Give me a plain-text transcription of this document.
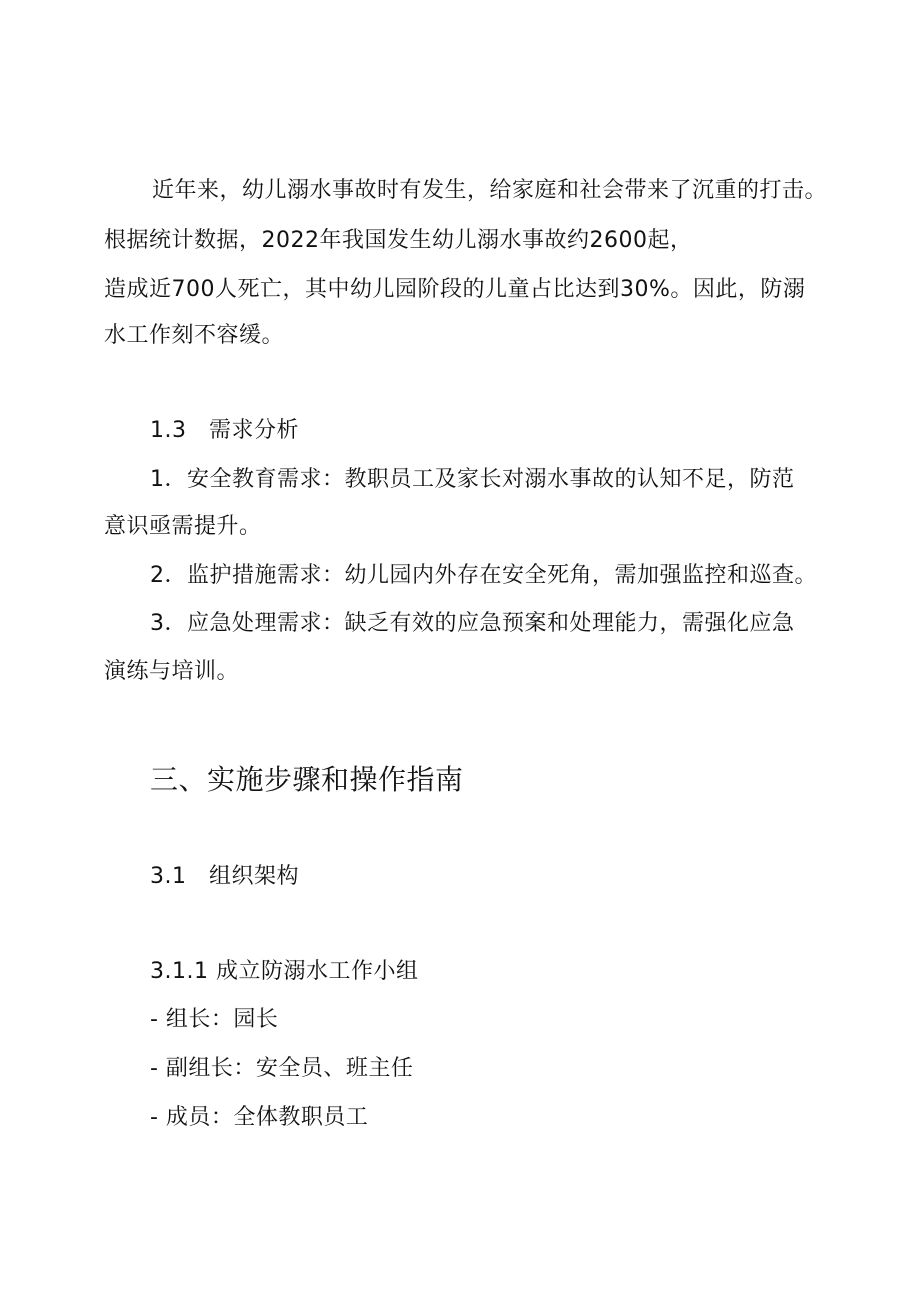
近年来，幼儿溺水事故时有发生，给家庭和社会带来了沉重的打击。
根据统计数据，2022年我国发生幼儿溺水事故约2600起，
造成近700人死亡，其中幼儿园阶段的儿童占比达到30%。因此，防溺
水工作刻不容缓。
1.3　需求分析
1．安全教育需求：教职员工及家长对溺水事故的认知不足，防范
意识亟需提升。
2．监护措施需求：幼儿园内外存在安全死角，需加强监控和巡查。
3．应急处理需求：缺乏有效的应急预案和处理能力，需强化应急
演练与培训。
三、实施步骤和操作指南
3.1　组织架构
3.1.1 成立防溺水工作小组
- 组长：园长
- 副组长：安全员、班主任
- 成员：全体教职员工
